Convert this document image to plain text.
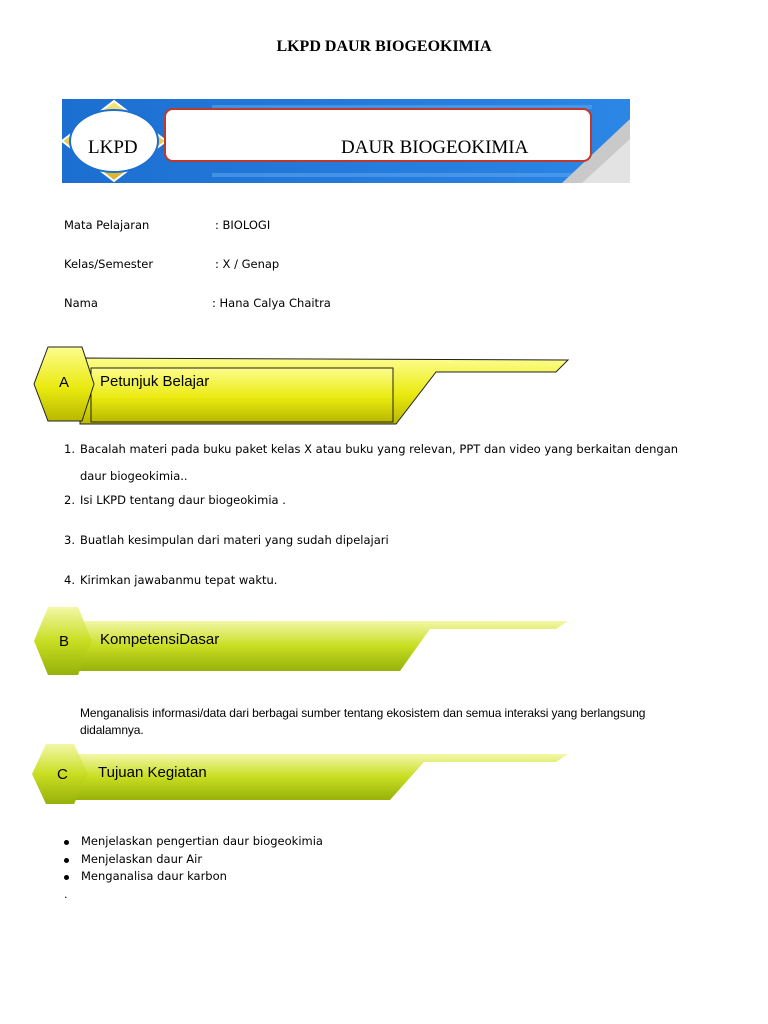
LKPD DAUR BIOGEOKIMIA
LKPD	DAUR BIOGEOKIMIA
Mata Pelajaran	: BIOLOGI
Kelas/Semester	: X / Genap
Nama	: Hana Calya Chaitra
A Petunjuk Belajar
1. Bacalah materi pada buku paket kelas X atau buku yang relevan, PPT dan video yang berkaitan dengan
daur biogeokimia..
2. Isi LKPD tentang daur biogeokimia .
3. Buatlah kesimpulan dari materi yang sudah dipelajari
4. Kirimkan jawabanmu tepat waktu.
B KompetensiDasar
Menganalisis informasi/data dari berbagai sumber tentang ekosistem dan semua interaksi yang berlangsung didalamnya.
C Tujuan Kegiatan
Menjelaskan pengertian daur biogeokimia
Menjelaskan daur Air
Menganalisa daur karbon
.
